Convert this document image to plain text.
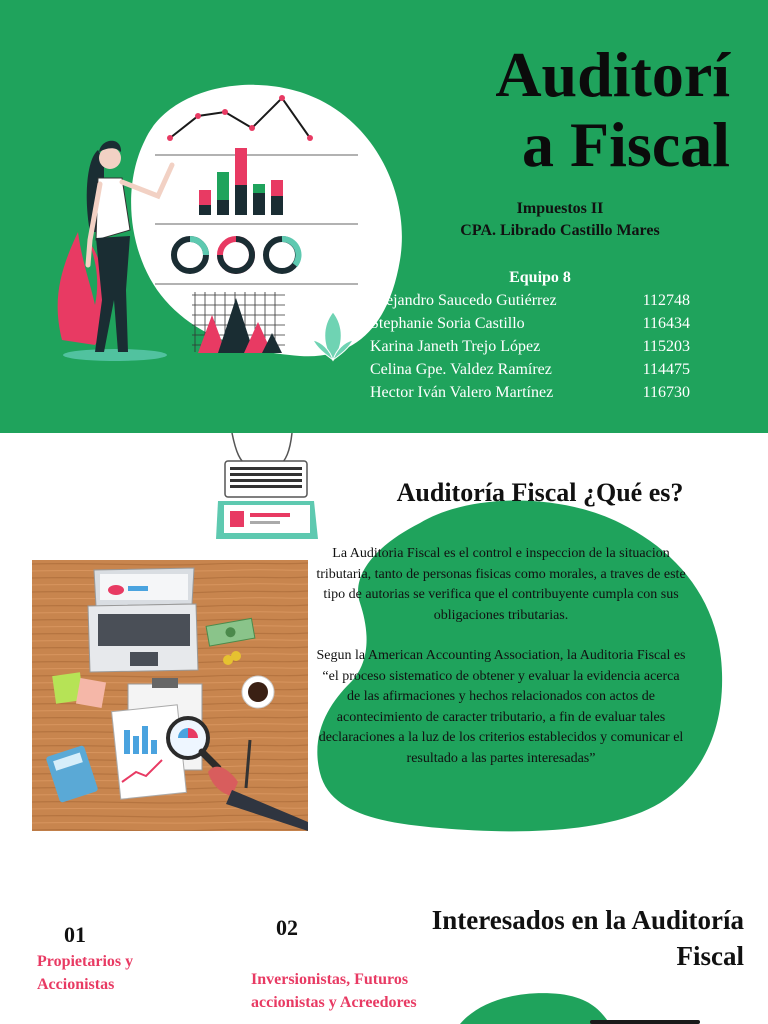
Auditorí
a Fiscal
Impuestos II
CPA. Librado Castillo Mares
Equipo 8
Alejandro Saucedo Gutiérrez	112748
Stephanie Soria Castillo	116434
Karina Janeth Trejo López	115203
Celina Gpe. Valdez Ramírez	114475
Hector Iván Valero Martínez	116730
Auditoría Fiscal ¿Qué es?

La Auditoria Fiscal es el control e inspeccion de la situacion tributaria, tanto de personas fisicas como morales, a traves de este tipo de autorias se verifica que el contribuyente cumpla con sus obligaciones tributarias.

Segun la American Accounting Association, la Auditoria Fiscal es “el proceso sistematico de obtener y evaluar la evidencia acerca de las afirmaciones y hechos relacionados con actos de acontecimiento de caracter tributario, a fin de evaluar tales declaraciones a la luz de los criterios establecidos y comunicar el resultado a las partes interesadas”

Interesados en la Auditoría
Fiscal
01
Propietarios y
Accionistas
02
Inversionistas, Futuros
accionistas y Acreedores
